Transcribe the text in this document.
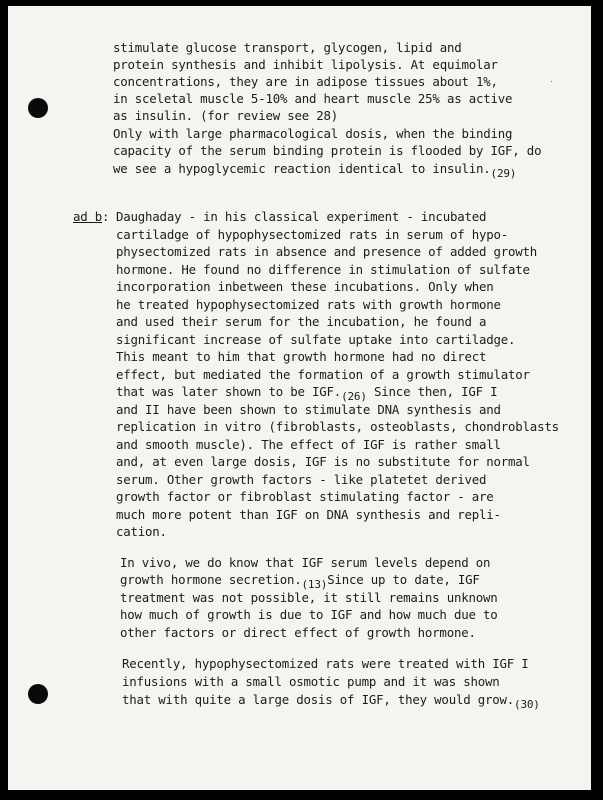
stimulate glucose transport, glycogen, lipid and
protein synthesis and inhibit lipolysis. At equimolar
concentrations, they are in adipose tissues about 1%,
in sceletal muscle 5-10% and heart muscle 25% as active
as insulin. (for review see 28)
Only with large pharmacological dosis, when the binding
capacity of the serum binding protein is flooded by IGF, do
we see a hypoglycemic reaction identical to insulin.(29)
ad b: Daughaday - in his classical experiment - incubated
cartiladge of hypophysectomized rats in serum of hypo-
physectomized rats in absence and presence of added growth
hormone. He found no difference in stimulation of sulfate
incorporation inbetween these incubations. Only when
he treated hypophysectomized rats with growth hormone
and used their serum for the incubation, he found a
significant increase of sulfate uptake into cartiladge.
This meant to him that growth hormone had no direct
effect, but mediated the formation of a growth stimulator
that was later shown to be IGF.(26) Since then, IGF I
and II have been shown to stimulate DNA synthesis and
replication in vitro (fibroblasts, osteoblasts, chondroblasts
and smooth muscle). The effect of IGF is rather small
and, at even large dosis, IGF is no substitute for normal
serum. Other growth factors - like platetet derived
growth factor or fibroblast stimulating factor - are
much more potent than IGF on DNA synthesis and repli-
cation.
In vivo, we do know that IGF serum levels depend on
growth hormone secretion.(13)Since up to date, IGF
treatment was not possible, it still remains unknown
how much of growth is due to IGF and how much due to
other factors or direct effect of growth hormone.
Recently, hypophysectomized rats were treated with IGF I
infusions with a small osmotic pump and it was shown
that with quite a large dosis of IGF, they would grow.(30)
